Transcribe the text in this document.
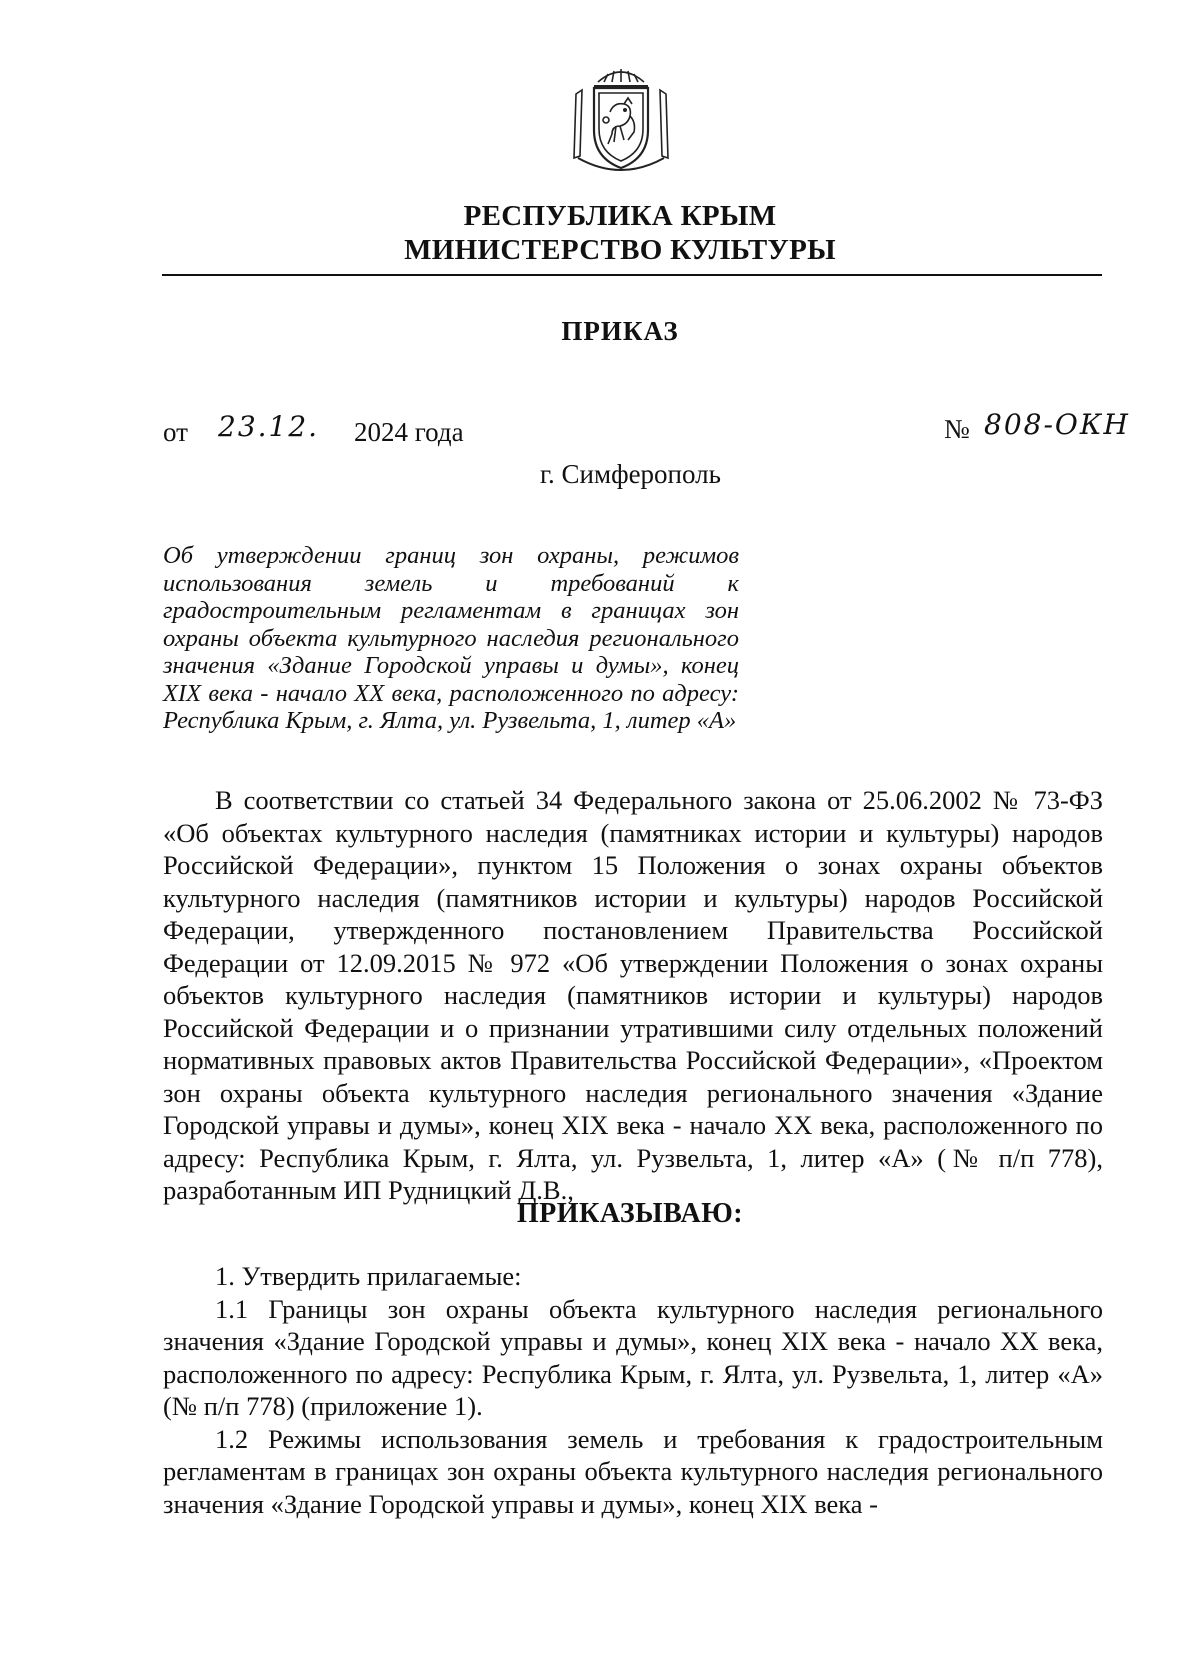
РЕСПУБЛИКА КРЫМ
МИНИСТЕРСТВО КУЛЬТУРЫ
ПРИКАЗ
от 23.12. 2024 года	№ 808-ОКН
г. Симферополь
Об утверждении границ зон охраны, режимов использования земель и требований к градостроительным регламентам в границах зон охраны объекта культурного наследия регионального значения «Здание Городской управы и думы», конец XIX века - начало XX века, расположенного по адресу: Республика Крым, г. Ялта, ул. Рузвельта, 1, литер «А»

В соответствии со статьей 34 Федерального закона от 25.06.2002 № 73-ФЗ «Об объектах культурного наследия (памятниках истории и культуры) народов Российской Федерации», пунктом 15 Положения о зонах охраны объектов культурного наследия (памятников истории и культуры) народов Российской Федерации, утвержденного постановлением Правительства Российской Федерации от 12.09.2015 № 972 «Об утверждении Положения о зонах охраны объектов культурного наследия (памятников истории и культуры) народов Российской Федерации и о признании утратившими силу отдельных положений нормативных правовых актов Правительства Российской Федерации», «Проектом зон охраны объекта культурного наследия регионального значения «Здание Городской управы и думы», конец XIX века - начало XX века, расположенного по адресу: Республика Крым, г. Ялта, ул. Рузвельта, 1, литер «А» (№ п/п 778), разработанным ИП Рудницкий Д.В.,

ПРИКАЗЫВАЮ:

1. Утвердить прилагаемые:

1.1 Границы зон охраны объекта культурного наследия регионального значения «Здание Городской управы и думы», конец XIX века - начало XX века, расположенного по адресу: Республика Крым, г. Ялта, ул. Рузвельта, 1, литер «А» (№ п/п 778) (приложение 1).

1.2 Режимы использования земель и требования к градостроительным регламентам в границах зон охраны объекта культурного наследия регионального значения «Здание Городской управы и думы», конец XIX века -
